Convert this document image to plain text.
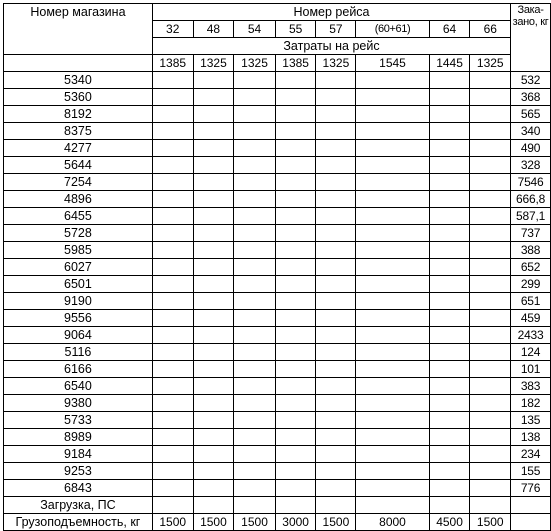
Номер магазина	Номер рейса								Зака-зано, кг

	32	48	54	55	57	(60+61)	64	66	
	Затраты на рейс								
	1385	1325	1325	1385	1325	1545	1445	1325	
5340									532
5360									368
8192									565
8375									340
4277									490
5644									328
7254									7546
4896									666,8
6455									587,1
5728									737
5985									388
6027									652
6501									299
9190									651
9556									459
9064									2433
5116									124
6166									101
6540									383
9380									182
5733									135
8989									138
9184									234
9253									155
6843									776
Загрузка, ПС									
Грузоподъемность, кг	1500	1500	1500	3000	1500	8000	4500	1500	
